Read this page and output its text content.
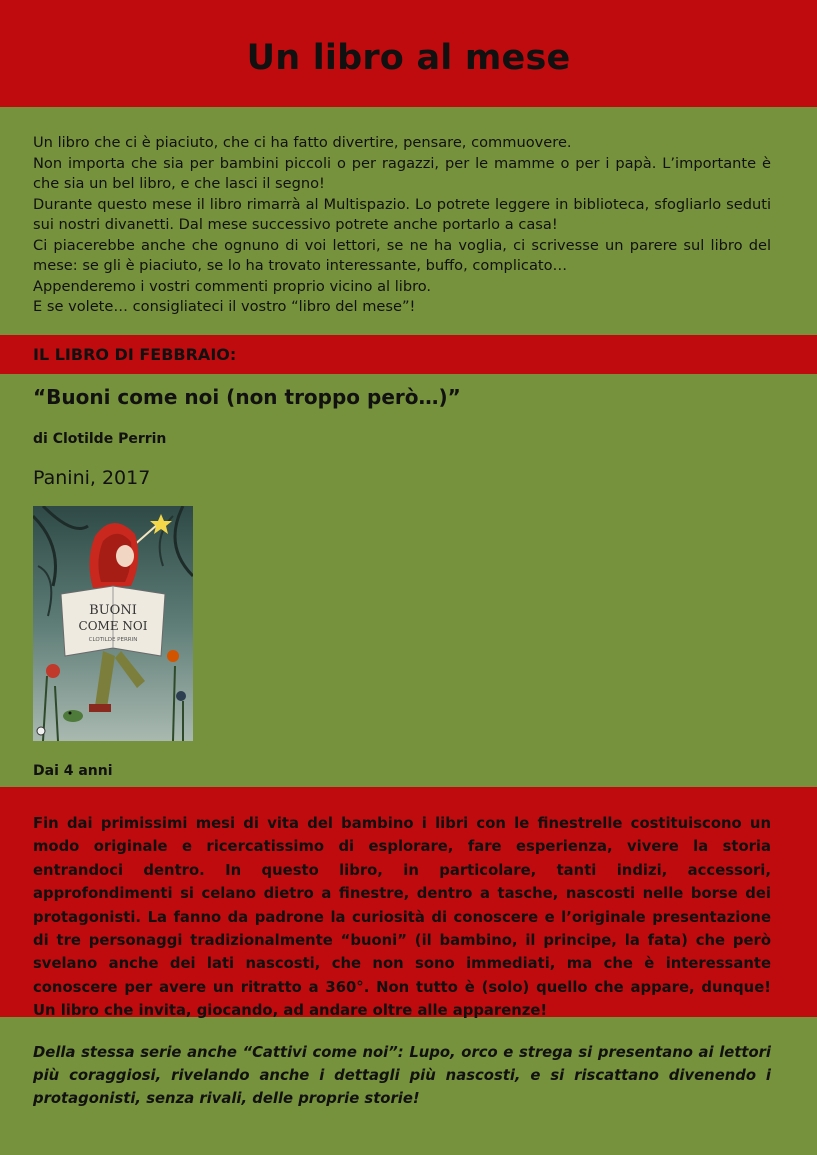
Un libro al mese

Un libro che ci è piaciuto, che ci ha fatto divertire, pensare, commuovere.

Non importa che sia per bambini piccoli o per ragazzi, per le mamme o per i papà. L’importante è che sia un bel libro, e che lasci il segno!

Durante questo mese il libro rimarrà al Multispazio. Lo potrete leggere in biblioteca, sfogliarlo seduti sui nostri divanetti. Dal mese successivo potrete anche portarlo a casa!

Ci piacerebbe anche che ognuno di voi lettori, se ne ha voglia, ci scrivesse un parere sul libro del mese: se gli è piaciuto, se lo ha trovato interessante, buffo, complicato…

Appenderemo i vostri commenti proprio vicino al libro.

E se volete… consigliateci il vostro “libro del mese”!

IL LIBRO DI FEBBRAIO:
“Buoni come noi (non troppo però…)”
di Clotilde Perrin
Panini, 2017
BUONI
COME NOI
CLOTILDE PERRIN
Dai 4 anni

Fin dai primissimi mesi di vita del bambino i libri con le finestrelle costituiscono un modo originale e ricercatissimo di esplorare, fare esperienza, vivere la storia entrandoci dentro. In questo libro, in particolare, tanti indizi, accessori, approfondimenti si celano dietro a finestre, dentro a tasche, nascosti nelle borse dei protagonisti. La fanno da padrone la curiosità di conoscere e l’originale presentazione di tre personaggi tradizionalmente “buoni” (il bambino, il principe, la fata) che però svelano anche dei lati nascosti, che non sono immediati, ma che è interessante conoscere per avere un ritratto a 360°. Non tutto è (solo) quello che appare, dunque! Un libro che invita, giocando, ad andare oltre alle apparenze!

Della stessa serie anche “Cattivi come noi”: Lupo, orco e strega si presentano ai lettori più coraggiosi, rivelando anche i dettagli più nascosti, e si riscattano divenendo i protagonisti, senza rivali, delle proprie storie!
